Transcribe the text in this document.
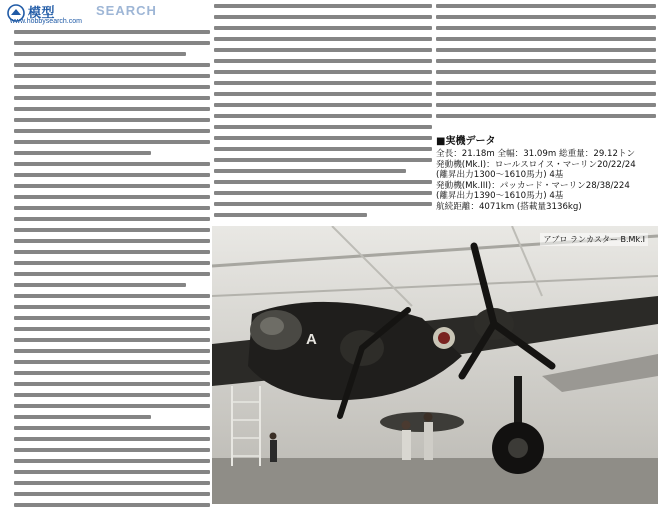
模型	SEARCH
www.hobbysearch.com
■実機データ
全長：21.18m 全幅：31.09m 総重量：29.12トン
発動機(Mk.I)：ロールスロイス・マーリン20/22/24
(離昇出力1300〜1610馬力) 4基
発動機(Mk.III)：パッカード・マーリン28/38/224
(離昇出力1390〜1610馬力) 4基
航続距離：4071km (搭載量3136kg)
A
アブロ ランカスター B.Mk.I
